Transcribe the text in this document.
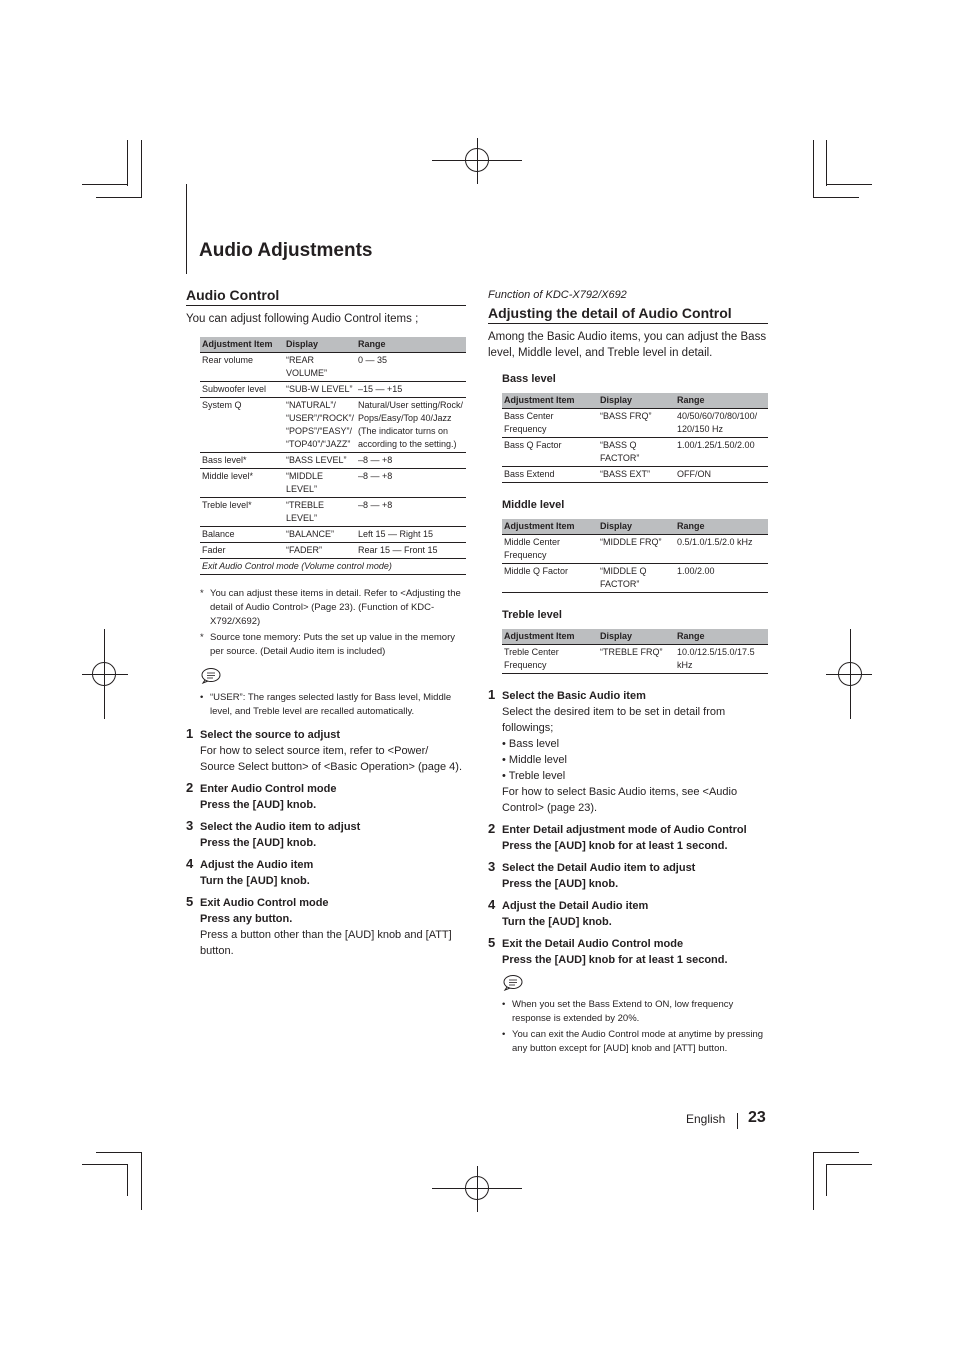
Audio Adjustments
Audio Control

You can adjust following Audio Control items ;

Adjustment Item	Display	Range
Rear volume	“REAR VOLUME”	0 — 35
Subwoofer level	“SUB-W LEVEL”	–15 — +15
System Q	“NATURAL”/ “USER”/“ROCK”/ “POPS”/“EASY”/ “TOP40”/“JAZZ”	Natural/User setting/Rock/ Pops/Easy/Top 40/Jazz (The indicator turns on according to the setting.)
Bass level*	“BASS LEVEL”	–8 — +8
Middle level*	“MIDDLE LEVEL”	–8 — +8
Treble level*	“TREBLE LEVEL”	–8 — +8
Balance	“BALANCE”	Left 15 — Right 15
Fader	“FADER”	Rear 15 — Front 15
Exit Audio Control mode (Volume control mode)		
* You can adjust these items in detail. Refer to <Adjusting the detail of Audio Control> (Page 23). (Function of KDC-X792/X692)
* Source tone memory: Puts the set up value in the memory per source. (Detail Audio item is included)
• “USER”: The ranges selected lastly for Bass level, Middle level, and Treble level are recalled automatically.
1 Select the source to adjust
For how to select source item, refer to <Power/ Source Select button> of <Basic Operation> (page 4).
2 Enter Audio Control mode
Press the [AUD] knob.
3 Select the Audio item to adjust
Press the [AUD] knob.
4 Adjust the Audio item
Turn the [AUD] knob.
5 Exit Audio Control mode
Press any button.
Press a button other than the [AUD] knob and [ATT] button.

Function of KDC-X792/X692

Adjusting the detail of Audio Control

Among the Basic Audio items, you can adjust the Bass level, Middle level, and Treble level in detail.

Bass level
Adjustment Item	Display	Range
Bass Center Frequency	“BASS FRQ”	40/50/60/70/80/100/ 120/150 Hz
Bass Q Factor	“BASS Q FACTOR”	1.00/1.25/1.50/2.00
Bass Extend	“BASS EXT”	OFF/ON
Middle level
Adjustment Item	Display	Range
Middle Center Frequency	“MIDDLE FRQ”	0.5/1.0/1.5/2.0 kHz
Middle Q Factor	“MIDDLE Q FACTOR”	1.00/2.00
Treble level
Adjustment Item	Display	Range
Treble Center Frequency	“TREBLE FRQ”	10.0/12.5/15.0/17.5 kHz
1 Select the Basic Audio item
Select the desired item to be set in detail from followings;
• Bass level
• Middle level
• Treble level
For how to select Basic Audio items, see <Audio Control> (page 23).
2 Enter Detail adjustment mode of Audio Control
Press the [AUD] knob for at least 1 second.
3 Select the Detail Audio item to adjust
Press the [AUD] knob.
4 Adjust the Detail Audio item
Turn the [AUD] knob.
5 Exit the Detail Audio Control mode
Press the [AUD] knob for at least 1 second.
• When you set the Bass Extend to ON, low frequency response is extended by 20%.
• You can exit the Audio Control mode at anytime by pressing any button except for [AUD] knob and [ATT] button.
English 23
